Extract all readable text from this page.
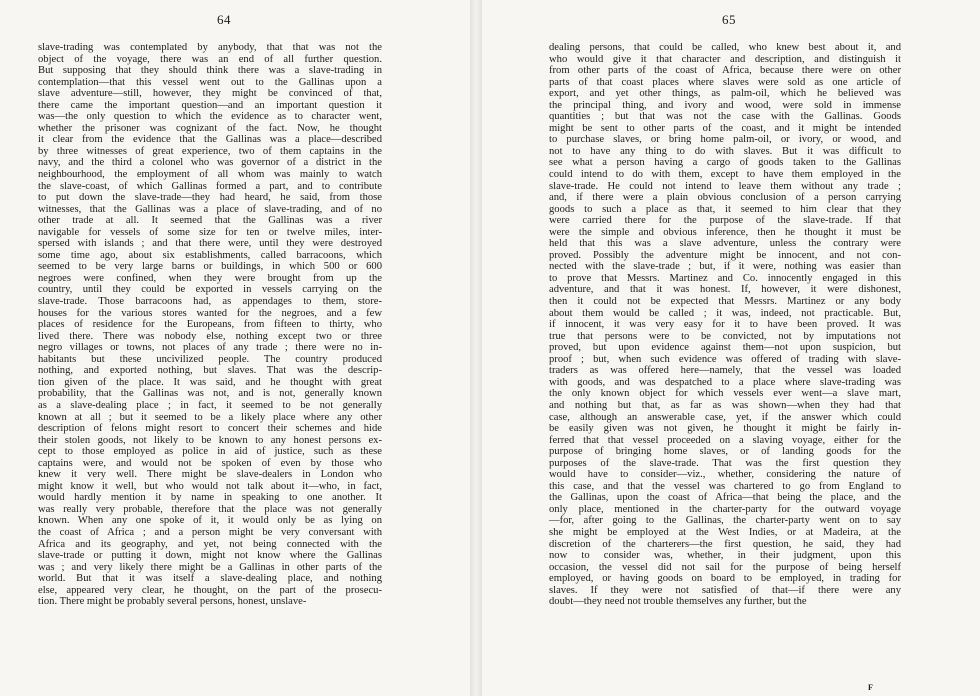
64
slave-trading was contemplated by anybody, that that was not the
object of the voyage, there was an end of all further question.
But supposing that they should think there was a slave-trading in
contemplation—that this vessel went out to the Gallinas upon a
slave adventure—still, however, they might be convinced of that,
there came the important question—and an important question it
was—the only question to which the evidence as to character went,
whether the prisoner was cognizant of the fact. Now, he thought
it clear from the evidence that the Gallinas was a place—described
by three witnesses of great experience, two of them captains in the
navy, and the third a colonel who was governor of a district in the
neighbourhood, the employment of all whom was mainly to watch
the slave-coast, of which Gallinas formed a part, and to contribute
to put down the slave-trade—they had heard, he said, from those
witnesses, that the Gallinas was a place of slave-trading, and of no
other trade at all. It seemed that the Gallinas was a river
navigable for vessels of some size for ten or twelve miles, inter-
spersed with islands ; and that there were, until they were destroyed
some time ago, about six establishments, called barracoons, which
seemed to be very large barns or buildings, in which 500 or 600
negroes were confined, when they were brought from up the
country, until they could be exported in vessels carrying on the
slave-trade. Those barracoons had, as appendages to them, store-
houses for the various stores wanted for the negroes, and a few
places of residence for the Europeans, from fifteen to thirty, who
lived there. There was nobody else, nothing except two or three
negro villages or towns, not places of any trade ; there were no in-
habitants but these uncivilized people. The country produced
nothing, and exported nothing, but slaves. That was the descrip-
tion given of the place. It was said, and he thought with great
probability, that the Gallinas was not, and is not, generally known
as a slave-dealing place ; in fact, it seemed to be not generally
known at all ; but it seemed to be a likely place where any other
description of felons might resort to concert their schemes and hide
their stolen goods, not likely to be known to any honest persons ex-
cept to those employed as police in aid of justice, such as these
captains were, and would not be spoken of even by those who
knew it very well. There might be slave-dealers in London who
might know it well, but who would not talk about it—who, in fact,
would hardly mention it by name in speaking to one another. It
was really very probable, therefore that the place was not generally
known. When any one spoke of it, it would only be as lying on
the coast of Africa ; and a person might be very conversant with
Africa and its geography, and yet, not being connected with the
slave-trade or putting it down, might not know where the Gallinas
was ; and very likely there might be a Gallinas in other parts of the
world. But that it was itself a slave-dealing place, and nothing
else, appeared very clear, he thought, on the part of the prosecu-
tion. There might be probably several persons, honest, unslave-
65
dealing persons, that could be called, who knew best about it, and
who would give it that character and description, and distinguish it
from other parts of the coast of Africa, because there were on other
parts of that coast places where slaves were sold as one article of
export, and yet other things, as palm-oil, which he believed was
the principal thing, and ivory and wood, were sold in immense
quantities ; but that was not the case with the Gallinas. Goods
might be sent to other parts of the coast, and it might be intended
to purchase slaves, or bring home palm-oil, or ivory, or wood, and
not to have any thing to do with slaves. But it was difficult to
see what a person having a cargo of goods taken to the Gallinas
could intend to do with them, except to have them employed in the
slave-trade. He could not intend to leave them without any trade ;
and, if there were a plain obvious conclusion of a person carrying
goods to such a place as that, it seemed to him clear that they
were carried there for the purpose of the slave-trade. If that
were the simple and obvious inference, then he thought it must be
held that this was a slave adventure, unless the contrary were
proved. Possibly the adventure might be innocent, and not con-
nected with the slave-trade ; but, if it were, nothing was easier than
to prove that Messrs. Martinez and Co. innocently engaged in this
adventure, and that it was honest. If, however, it were dishonest,
then it could not be expected that Messrs. Martinez or any body
about them would be called ; it was, indeed, not practicable. But,
if innocent, it was very easy for it to have been proved. It was
true that persons were to be convicted, not by imputations not
proved, but upon evidence against them—not upon suspicion, but
proof ; but, when such evidence was offered of trading with slave-
traders as was offered here—namely, that the vessel was loaded
with goods, and was despatched to a place where slave-trading was
the only known object for which vessels ever went—a slave mart,
and nothing but that, as far as was shown—when they had that
case, although an answerable case, yet, if the answer which could
be easily given was not given, he thought it might be fairly in-
ferred that that vessel proceeded on a slaving voyage, either for the
purpose of bringing home slaves, or of landing goods for the
purposes of the slave-trade. That was the first question they
would have to consider—viz., whether, considering the nature of
this case, and that the vessel was chartered to go from England to
the Gallinas, upon the coast of Africa—that being the place, and the
only place, mentioned in the charter-party for the outward voyage
—for, after going to the Gallinas, the charter-party went on to say
she might be employed at the West Indies, or at Madeira, at the
discretion of the charterers—the first question, he said, they had
now to consider was, whether, in their judgment, upon this
occasion, the vessel did not sail for the purpose of being herself
employed, or having goods on board to be employed, in trading for
slaves. If they were not satisfied of that—if there were any
doubt—they need not trouble themselves any further, but the
F
